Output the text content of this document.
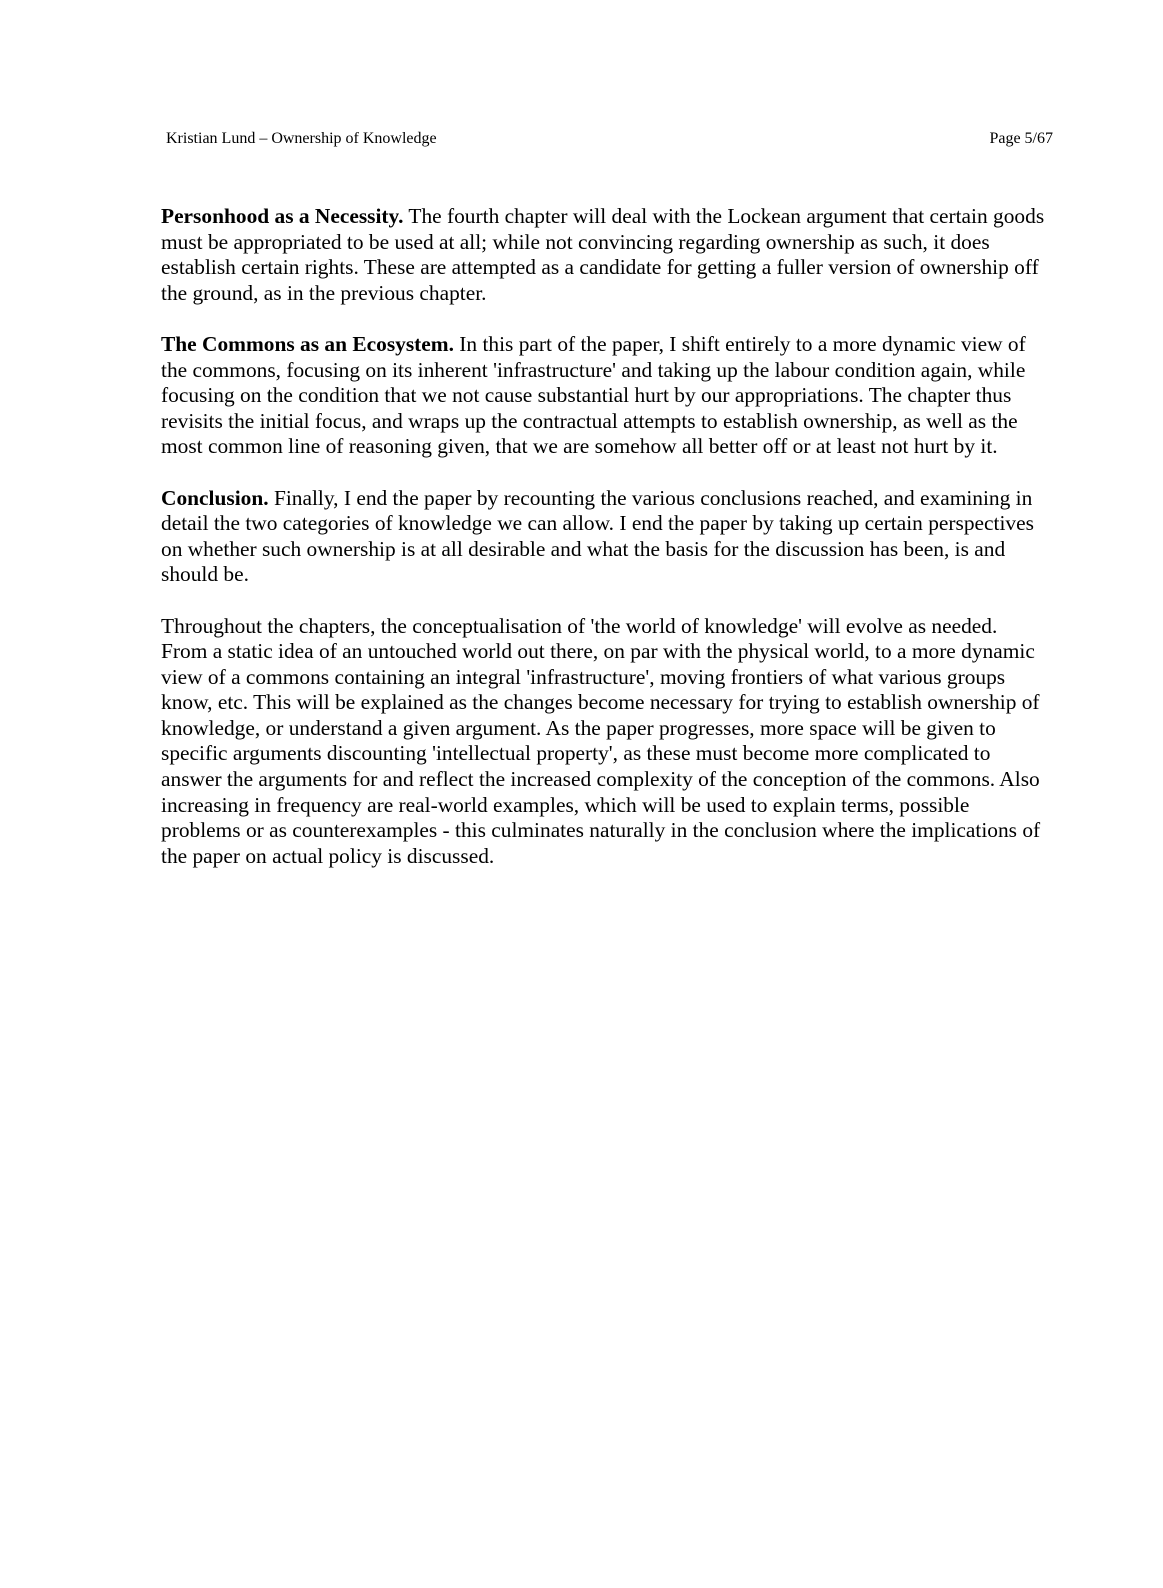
Kristian Lund – Ownership of Knowledge	Page 5/67

Personhood as a Necessity. The fourth chapter will deal with the Lockean argument that certain goods must be appropriated to be used at all; while not convincing regarding ownership as such, it does establish certain rights. These are attempted as a candidate for getting a fuller version of ownership off the ground, as in the previous chapter.

The Commons as an Ecosystem. In this part of the paper, I shift entirely to a more dynamic view of the commons, focusing on its inherent 'infrastructure' and taking up the labour condition again, while focusing on the condition that we not cause substantial hurt by our appropriations. The chapter thus revisits the initial focus, and wraps up the contractual attempts to establish ownership, as well as the most common line of reasoning given, that we are somehow all better off or at least not hurt by it.

Conclusion. Finally, I end the paper by recounting the various conclusions reached, and examining in detail the two categories of knowledge we can allow. I end the paper by taking up certain perspectives on whether such ownership is at all desirable and what the basis for the discussion has been, is and should be.

Throughout the chapters, the conceptualisation of 'the world of knowledge' will evolve as needed. From a static idea of an untouched world out there, on par with the physical world, to a more dynamic view of a commons containing an integral 'infrastructure', moving frontiers of what various groups know, etc. This will be explained as the changes become necessary for trying to establish ownership of knowledge, or understand a given argument. As the paper progresses, more space will be given to specific arguments discounting 'intellectual property', as these must become more complicated to answer the arguments for and reflect the increased complexity of the conception of the commons. Also increasing in frequency are real-world examples, which will be used to explain terms, possible problems or as counterexamples - this culminates naturally in the conclusion where the implications of the paper on actual policy is discussed.
